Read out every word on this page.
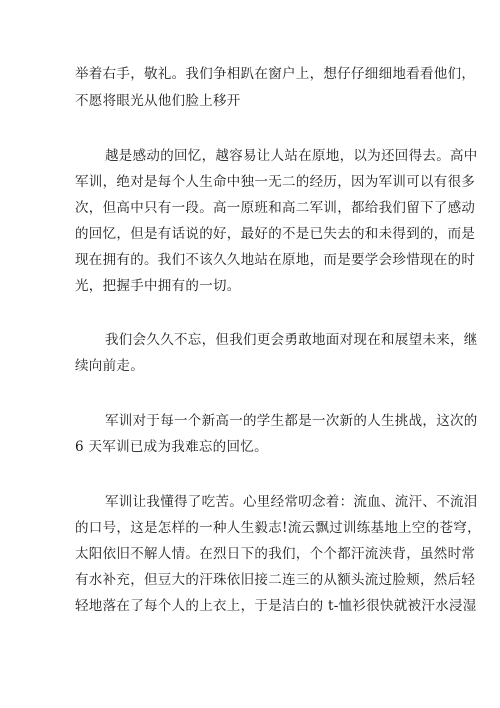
举着右手，敬礼。我们争相趴在窗户上，想仔仔细细地看看他们，
不愿将眼光从他们脸上移开
越是感动的回忆，越容易让人站在原地，以为还回得去。高中
军训，绝对是每个人生命中独一无二的经历，因为军训可以有很多
次，但高中只有一段。高一原班和高二军训，都给我们留下了感动
的回忆，但是有话说的好，最好的不是已失去的和未得到的，而是
现在拥有的。我们不该久久地站在原地，而是要学会珍惜现在的时
光，把握手中拥有的一切。
我们会久久不忘，但我们更会勇敢地面对现在和展望未来，继
续向前走。
军训对于每一个新高一的学生都是一次新的人生挑战，这次的
6 天军训已成为我难忘的回忆。
军训让我懂得了吃苦。心里经常叨念着：流血、流汗、不流泪
的口号，这是怎样的一种人生毅志!流云飘过训练基地上空的苍穹，
太阳依旧不解人情。在烈日下的我们，个个都汗流浃背，虽然时常
有水补充，但豆大的汗珠依旧接二连三的从额头流过脸颊，然后轻
轻地落在了每个人的上衣上，于是洁白的 t-恤衫很快就被汗水浸湿
